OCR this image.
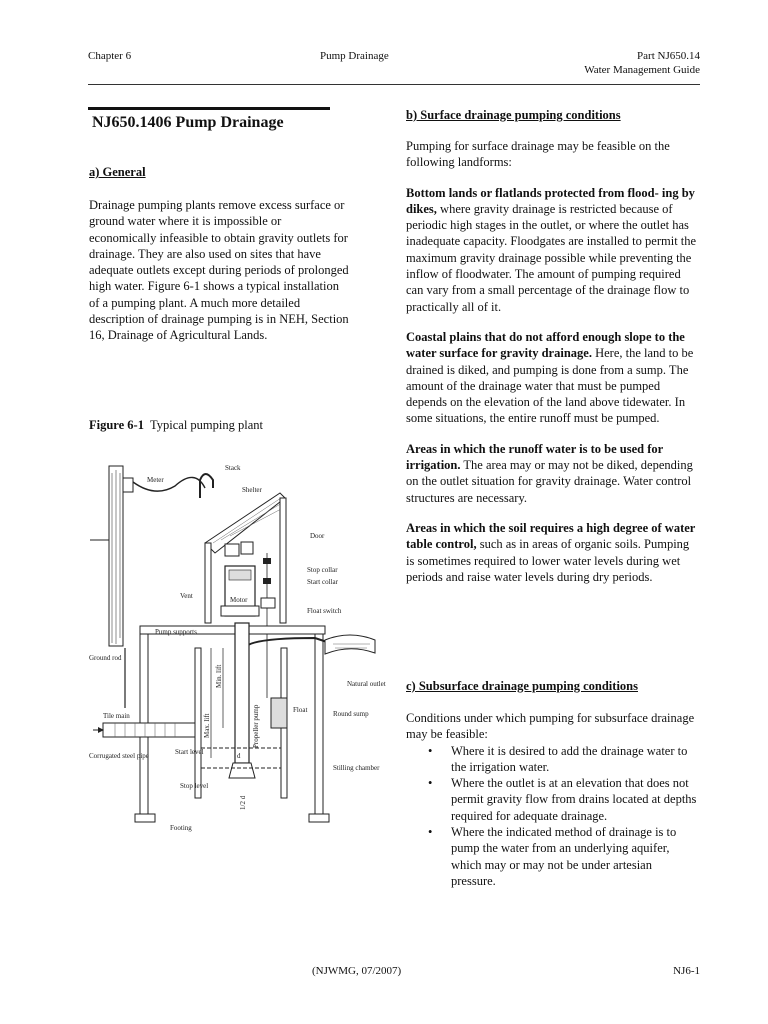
Chapter 6	Pump Drainage	Part NJ650.14
Water Management Guide
NJ650.1406 Pump Drainage
a) General
Drainage pumping plants remove excess surface or ground water where it is impossible or economically infeasible to obtain gravity outlets for drainage. They are also used on sites that have adequate outlets except during periods of prolonged high water. Figure 6-1 shows a typical installation of a pumping plant. A much more detailed description of drainage pumping is in NEH, Section 16, Drainage of Agricultural Lands.
Figure 6-1 Typical pumping plant
Stack
Meter
Shelter
Door
Stop collar
Start collar
Vent	Motor
Float switch
Pump supports
Ground rod
Natural outlet
Tile main
Float	Round sump
Corrugated steel pipe	Start level
Stop level
Stilling chamber
Footing
Max. lift
Min. lift
Propeller pump
d
1/2 d
b) Surface drainage pumping conditions

Pumping for surface drainage may be feasible on the following landforms:

Bottom lands or flatlands protected from flood- ing by dikes, where gravity drainage is restricted because of periodic high stages in the outlet, or where the outlet has inadequate capacity. Floodgates are installed to permit the maximum gravity drainage possible while preventing the inflow of floodwater. The amount of pumping required can vary from a small percentage of the drainage flow to practically all of it.

Coastal plains that do not afford enough slope to the water surface for gravity drainage. Here, the land to be drained is diked, and pumping is done from a sump. The amount of the drainage water that must be pumped depends on the elevation of the land above tidewater. In some situations, the entire runoff must be pumped.

Areas in which the runoff water is to be used for irrigation. The area may or may not be diked, depending on the outlet situation for gravity drainage. Water control structures are necessary.

Areas in which the soil requires a high degree of water table control, such as in areas of organic soils. Pumping is sometimes required to lower water levels during wet periods and raise water levels during dry periods.

c) Subsurface drainage pumping conditions

Conditions under which pumping for subsurface drainage may be feasible:

• Where it is desired to add the drainage water to the irrigation water.
• Where the outlet is at an elevation that does not permit gravity flow from drains located at depths required for adequate drainage.
• Where the indicated method of drainage is to pump the water from an underlying aquifer, which may or may not be under artesian pressure.
(NJWMG, 07/2007)	NJ6-1
